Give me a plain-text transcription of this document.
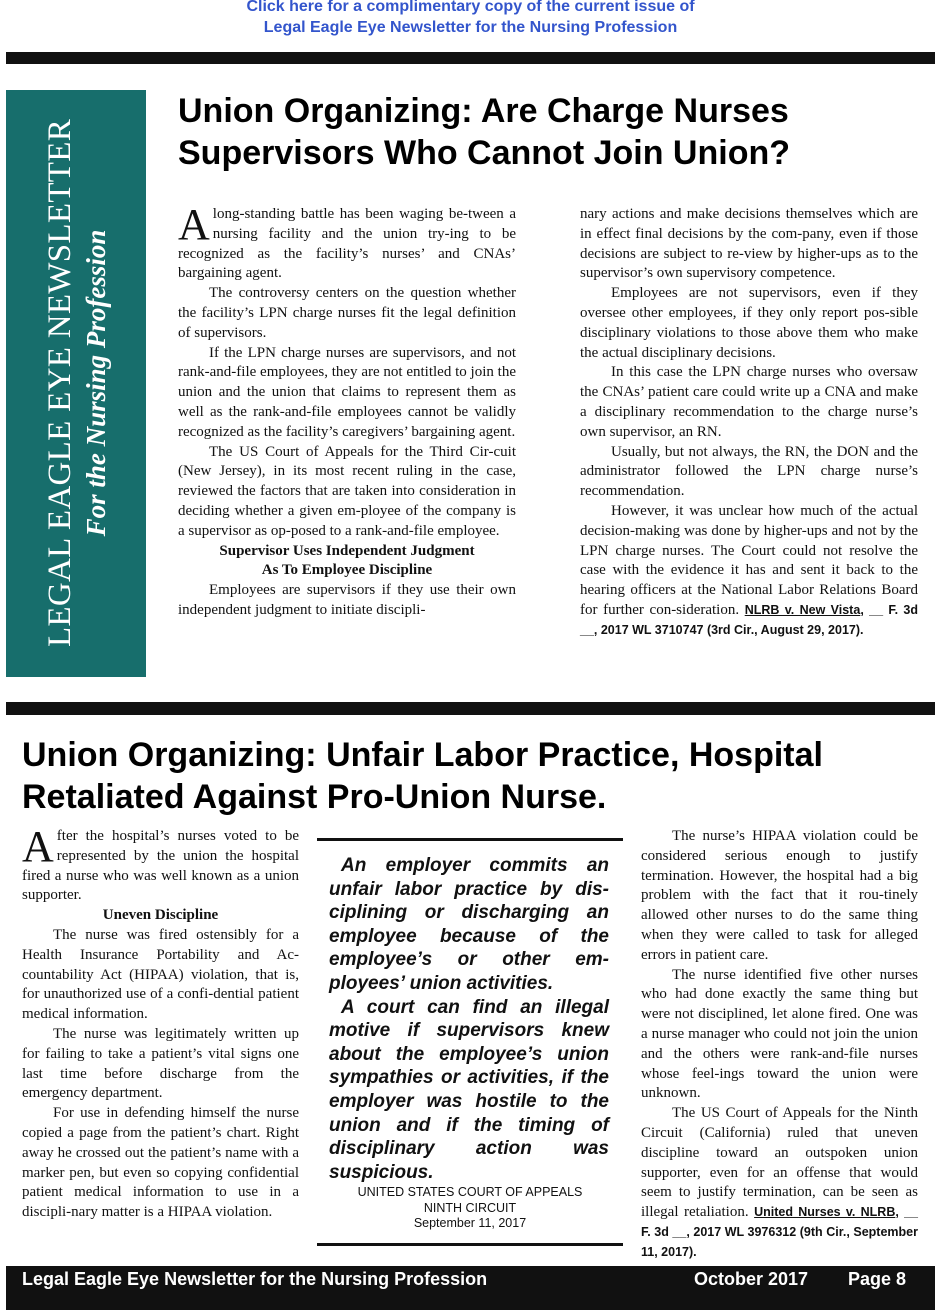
Click here for a complimentary copy of the current issue of
Legal Eagle Eye Newsletter for the Nursing Profession
LEGAL EAGLE EYE NEWSLETTER For the Nursing Profession
Union Organizing: Are Charge Nurses
Supervisors Who Cannot Join Union?

Along-standing battle has been waging be-tween a nursing facility and the union try-ing to be recognized as the facility’s nurses’ and CNAs’ bargaining agent.

The controversy centers on the question whether the facility’s LPN charge nurses fit the legal definition of supervisors.

If the LPN charge nurses are supervisors, and not rank-and-file employees, they are not entitled to join the union and the union that claims to represent them as well as the rank-and-file employees cannot be validly recognized as the facility’s caregivers’ bargaining agent.

The US Court of Appeals for the Third Cir-cuit (New Jersey), in its most recent ruling in the case, reviewed the factors that are taken into consideration in deciding whether a given em-ployee of the company is a supervisor as op-posed to a rank-and-file employee.

Supervisor Uses Independent Judgment
As To Employee Discipline

Employees are supervisors if they use their own independent judgment to initiate discipli-

nary actions and make decisions themselves which are in effect final decisions by the com-pany, even if those decisions are subject to re-view by higher-ups as to the supervisor’s own supervisory competence.

Employees are not supervisors, even if they oversee other employees, if they only report pos-sible disciplinary violations to those above them who make the actual disciplinary decisions.

In this case the LPN charge nurses who oversaw the CNAs’ patient care could write up a CNA and make a disciplinary recommendation to the charge nurse’s own supervisor, an RN.

Usually, but not always, the RN, the DON and the administrator followed the LPN charge nurse’s recommendation.

However, it was unclear how much of the actual decision-making was done by higher-ups and not by the LPN charge nurses. The Court could not resolve the case with the evidence it has and sent it back to the hearing officers at the National Labor Relations Board for further con-sideration. NLRB v. New Vista, __ F. 3d __, 2017 WL 3710747 (3rd Cir., August 29, 2017).

Union Organizing: Unfair Labor Practice, Hospital
Retaliated Against Pro-Union Nurse.

After the hospital’s nurses voted to be represented by the union the hospital fired a nurse who was well known as a union supporter.

Uneven Discipline

The nurse was fired ostensibly for a Health Insurance Portability and Ac-countability Act (HIPAA) violation, that is, for unauthorized use of a confi-dential patient medical information.

The nurse was legitimately written up for failing to take a patient’s vital signs one last time before discharge from the emergency department.

For use in defending himself the nurse copied a page from the patient’s chart. Right away he crossed out the patient’s name with a marker pen, but even so copying confidential patient medical information to use in a discipli-nary matter is a HIPAA violation.

An employer commits an unfair labor practice by dis-ciplining or discharging an employee because of the employee’s or other em-ployees’ union activities.

A court can find an illegal motive if supervisors knew about the employee’s union sympathies or activities, if the employer was hostile to the union and if the timing of disciplinary action was suspicious.

UNITED STATES COURT OF APPEALS
NINTH CIRCUIT
September 11, 2017

The nurse’s HIPAA violation could be considered serious enough to justify termination. However, the hospital had a big problem with the fact that it rou-tinely allowed other nurses to do the same thing when they were called to task for alleged errors in patient care.

The nurse identified five other nurses who had done exactly the same thing but were not disciplined, let alone fired. One was a nurse manager who could not join the union and the others were rank-and-file nurses whose feel-ings toward the union were unknown.

The US Court of Appeals for the Ninth Circuit (California) ruled that uneven discipline toward an outspoken union supporter, even for an offense that would seem to justify termination, can be seen as illegal retaliation. United Nurses v. NLRB, __ F. 3d __, 2017 WL 3976312 (9th Cir., September 11, 2017).

Legal Eagle Eye Newsletter for the Nursing Profession	October 2017 Page 8
